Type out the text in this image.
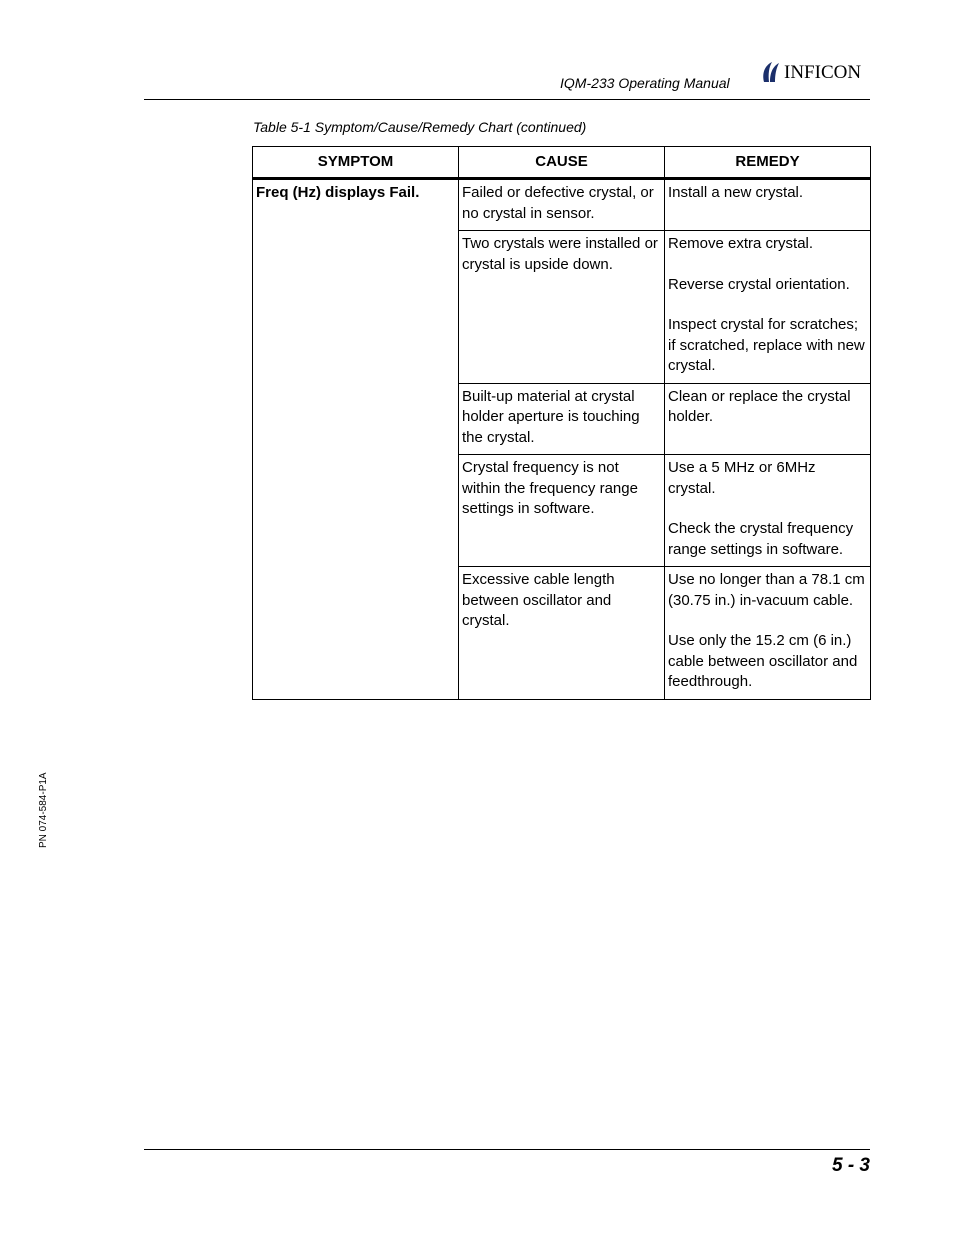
IQM-233 Operating Manual
INFICON
Table 5-1 Symptom/Cause/Remedy Chart (continued)
SYMPTOM	CAUSE	REMEDY
Freq (Hz) displays Fail.	Failed or defective crystal, or no crystal in sensor.	Install a new crystal.

	Two crystals were installed or crystal is upside down.	Remove extra crystal.
Reverse crystal orientation.
Inspect crystal for scratches; if scratched, replace with new crystal.

	Built-up material at crystal holder aperture is touching the crystal.	Clean or replace the crystal holder.

	Crystal frequency is not within the frequency range settings in software.	Use a 5 MHz or 6MHz crystal.
Check the crystal frequency range settings in software.

	Excessive cable length between oscillator and crystal.	Use no longer than a 78.1 cm (30.75 in.) in-vacuum cable.
Use only the 15.2 cm (6 in.) cable between oscillator and feedthrough.
PN 074-584-P1A
5 - 3
